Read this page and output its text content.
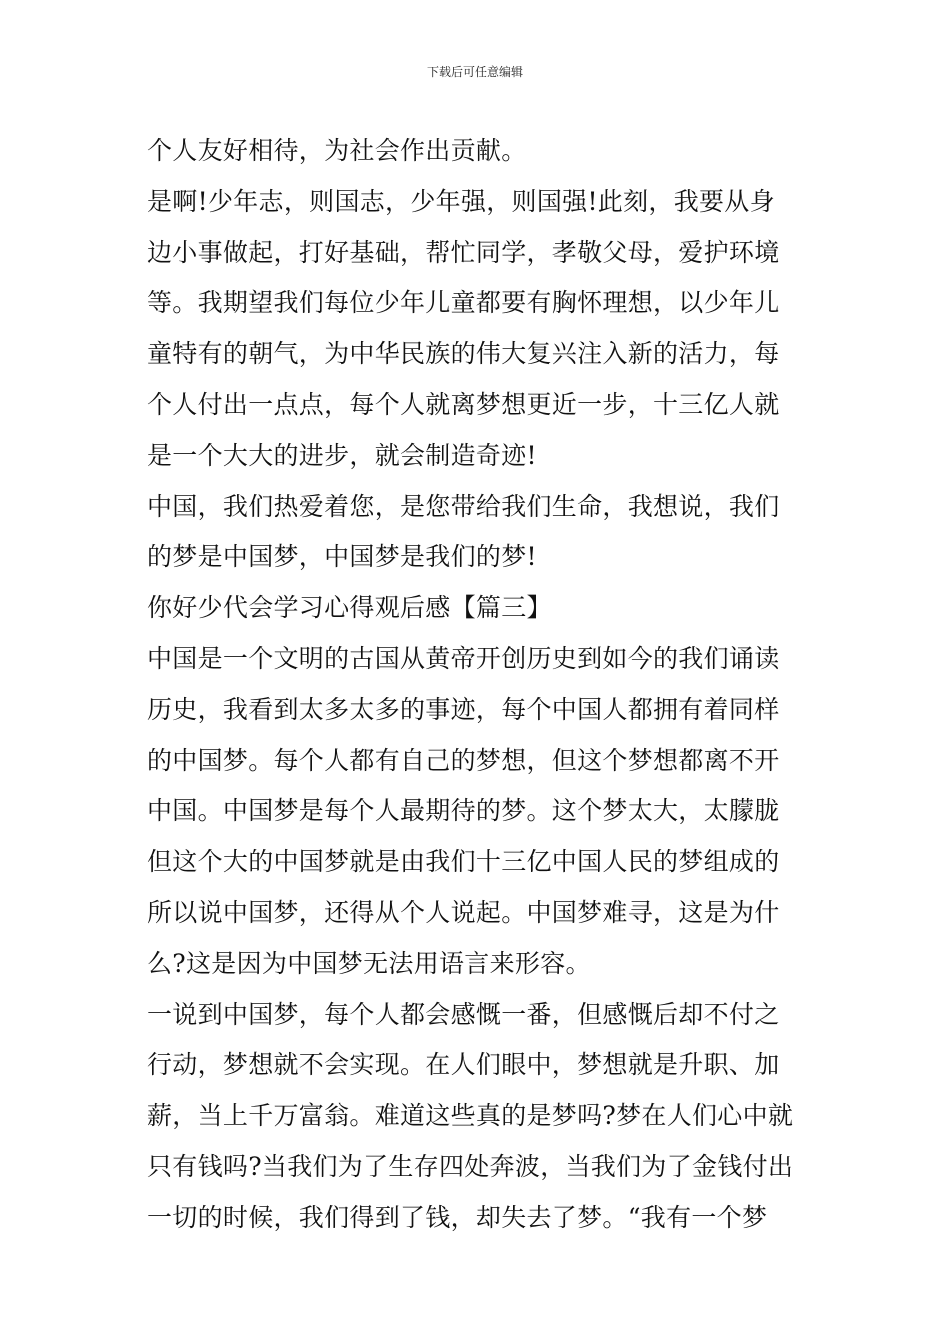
下载后可任意编辑
个人友好相待，为社会作出贡献。
是啊!少年志，则国志，少年强，则国强!此刻，我要从身
边小事做起，打好基础，帮忙同学，孝敬父母，爱护环境
等。我期望我们每位少年儿童都要有胸怀理想，以少年儿
童特有的朝气，为中华民族的伟大复兴注入新的活力，每
个人付出一点点，每个人就离梦想更近一步，十三亿人就
是一个大大的进步，就会制造奇迹!
中国，我们热爱着您，是您带给我们生命，我想说，我们
的梦是中国梦，中国梦是我们的梦!
你好少代会学习心得观后感【篇三】
中国是一个文明的古国从黄帝开创历史到如今的我们诵读
历史，我看到太多太多的事迹，每个中国人都拥有着同样
的中国梦。每个人都有自己的梦想，但这个梦想都离不开
中国。中国梦是每个人最期待的梦。这个梦太大，太朦胧
但这个大的中国梦就是由我们十三亿中国人民的梦组成的
所以说中国梦，还得从个人说起。中国梦难寻，这是为什
么?这是因为中国梦无法用语言来形容。
一说到中国梦，每个人都会感慨一番，但感慨后却不付之
行动，梦想就不会实现。在人们眼中，梦想就是升职、加
薪，当上千万富翁。难道这些真的是梦吗?梦在人们心中就
只有钱吗?当我们为了生存四处奔波，当我们为了金钱付出
一切的时候，我们得到了钱，却失去了梦。“我有一个梦
